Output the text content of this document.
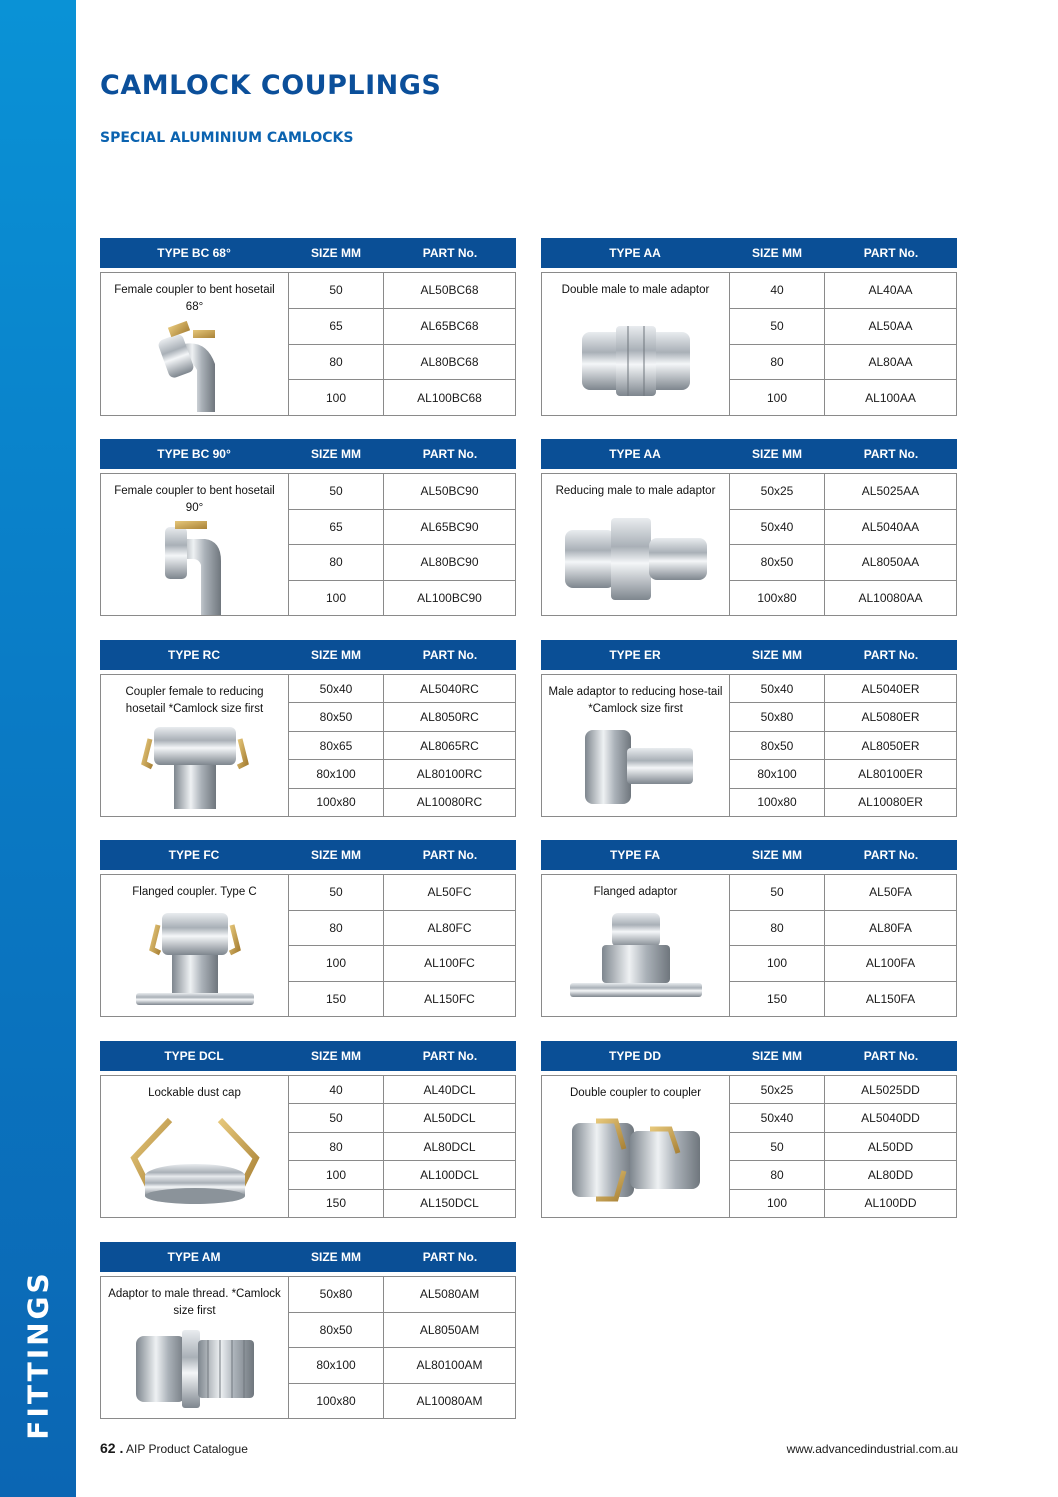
FITTINGS
CAMLOCK COUPLINGS
SPECIAL ALUMINIUM CAMLOCKS
TYPE BC 68°	SIZE MM	PART No.
Female coupler to bent hosetail 68°
50	AL50BC68
65	AL65BC68
80	AL80BC68
100	AL100BC68
TYPE AA	SIZE MM	PART No.
Double male to male adaptor	40	AL40AA
50	AL50AA
80	AL80AA
100	AL100AA
TYPE BC 90°	SIZE MM	PART No.
Female coupler to bent hosetail 90°
50	AL50BC90
65	AL65BC90
80	AL80BC90
100	AL100BC90
TYPE AA	SIZE MM	PART No.
Reducing male to male adaptor	50x25	AL5025AA
50x40	AL5040AA
80x50	AL8050AA
100x80	AL10080AA
TYPE RC	SIZE MM	PART No.
Coupler female to reducing hosetail *Camlock size first
50x40	AL5040RC
80x50	AL8050RC
80x65	AL8065RC
80x100	AL80100RC
100x80	AL10080RC
TYPE ER	SIZE MM	PART No.
Male adaptor to reducing hose-tail *Camlock size first
50x40	AL5040ER
50x80	AL5080ER
80x50	AL8050ER
80x100	AL80100ER
100x80	AL10080ER
TYPE FC	SIZE MM	PART No.
Flanged coupler. Type C	50	AL50FC
80	AL80FC
100	AL100FC
150	AL150FC
TYPE FA	SIZE MM	PART No.
Flanged adaptor	50	AL50FA
80	AL80FA
100	AL100FA
150	AL150FA
TYPE DCL	SIZE MM	PART No.
Lockable dust cap	40	AL40DCL
50	AL50DCL
80	AL80DCL
100	AL100DCL
150	AL150DCL
TYPE DD	SIZE MM	PART No.
Double coupler to coupler	50x25	AL5025DD
50x40	AL5040DD
50	AL50DD
80	AL80DD
100	AL100DD
TYPE AM	SIZE MM	PART No.
Adaptor to male thread. *Camlock size first
50x80	AL5080AM
80x50	AL8050AM
80x100	AL80100AM
100x80	AL10080AM
62 . AIP Product Catalogue	www.advancedindustrial.com.au
